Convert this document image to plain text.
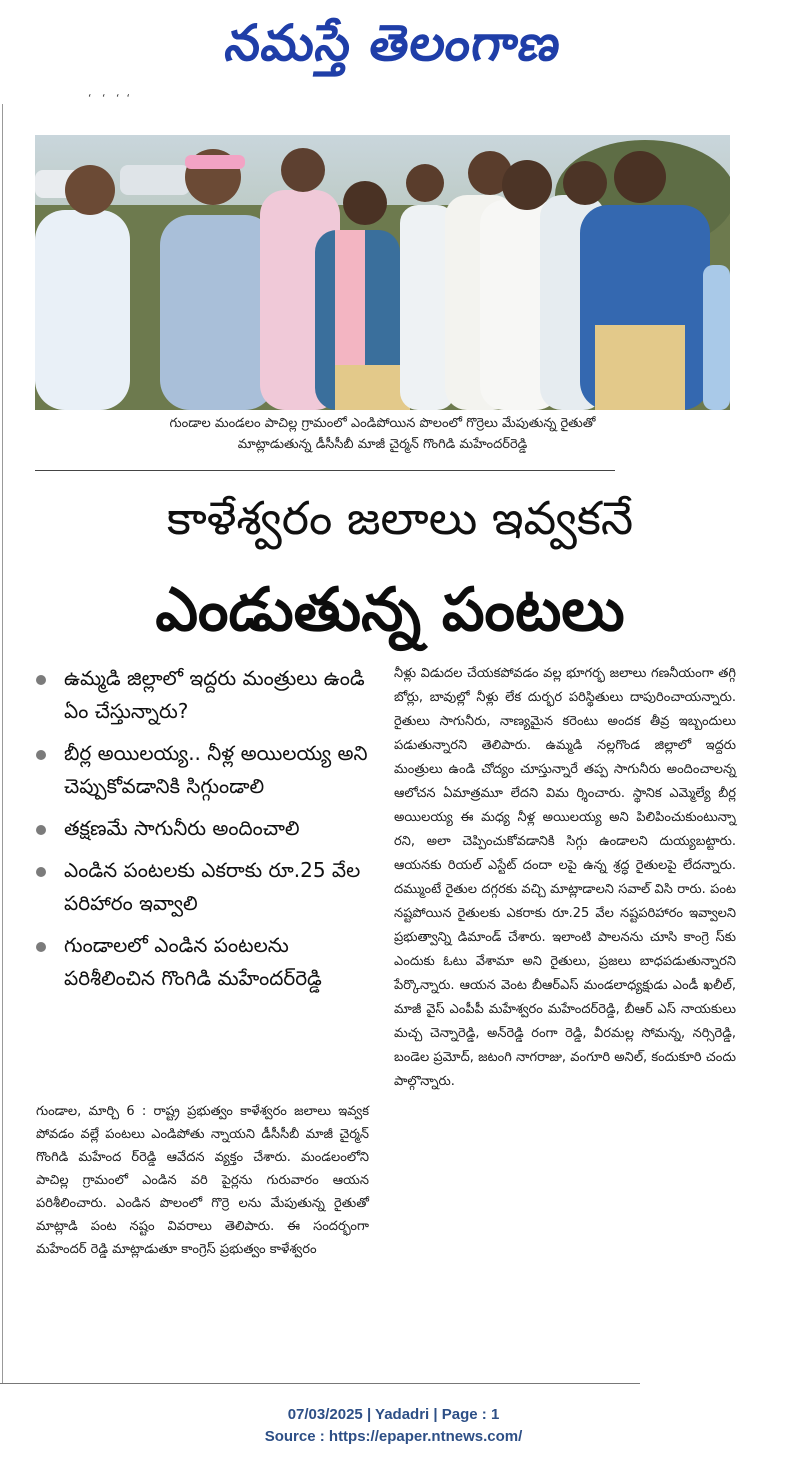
నమస్తే తెలంగాణ
‘   ‘   ‘  ‘
గుండాల మండలం పాచిల్ల గ్రామంలో ఎండిపోయిన పొలంలో గొర్రెలు మేపుతున్న రైతుతో
మాట్లాడుతున్న డీసీసీబీ మాజీ చైర్మన్ గొంగిడి మహేందర్‌రెడ్డి
కాళేశ్వరం జలాలు ఇవ్వకనే
ఎండుతున్న పంటలు
ఉమ్మడి జిల్లాలో ఇద్దరు మంత్రులు ఉండి ఏం చేస్తున్నారు?
బీర్ల అయిలయ్య.. నీళ్ల అయిలయ్య అని చెప్పుకోవడానికి సిగ్గుండాలి
తక్షణమే సాగునీరు అందించాలి
ఎండిన పంటలకు ఎకరాకు రూ.25 వేల పరిహారం ఇవ్వాలి
గుండాలలో ఎండిన పంటలను పరిశీలించిన గొంగిడి మహేందర్‌రెడ్డి
గుండాల, మార్చి 6 : రాష్ట్ర ప్రభుత్వం కాళేశ్వరం జలాలు ఇవ్వక పోవడం వల్లే పంటలు ఎండిపోతు న్నాయని డీసీసీబీ మాజీ చైర్మన్ గొంగిడి మహేంద ర్‌రెడ్డి ఆవేదన వ్యక్తం చేశారు. మండలంలోని పాచిల్ల గ్రామంలో ఎండిన వరి పైర్లను గురువారం ఆయన పరిశీలించారు. ఎండిన పొలంలో గొర్రె లను మేపుతున్న రైతుతో మాట్లాడి పంట నష్టం వివరాలు తెలిపారు. ఈ సందర్భంగా మహేందర్ రెడ్డి మాట్లాడుతూ కాంగ్రెస్ ప్రభుత్వం కాళేశ్వరం
నీళ్లు విడుదల చేయకపోవడం వల్ల భూగర్భ జలాలు గణనీయంగా తగ్గి బోర్లు, బావుల్లో నీళ్లు లేక దుర్భర పరిస్థితులు దాపురించాయన్నారు. రైతులు సాగునీరు, నాణ్యమైన కరెంటు అందక తీవ్ర ఇబ్బందులు పడుతున్నారని తెలిపారు. ఉమ్మడి నల్లగొండ జిల్లాలో ఇద్దరు మంత్రులు ఉండి చోద్యం చూస్తున్నారే తప్ప సాగునీరు అందించాలన్న ఆలోచన ఏమాత్రమూ లేదని విమ ర్శించారు. స్థానిక ఎమ్మెల్యే బీర్ల అయిలయ్య ఈ మధ్య నీళ్ల అయిలయ్య అని పిలిపించుకుంటున్నా రని, అలా చెప్పించుకోవడానికి సిగ్గు ఉండాలని దుయ్యబట్టారు. ఆయనకు రియల్ ఎస్టేట్ దందా లపై ఉన్న శ్రద్ధ రైతులపై లేదన్నారు. దమ్ముంటే రైతుల దగ్గరకు వచ్చి మాట్లాడాలని సవాల్ విసి రారు. పంట నష్టపోయిన రైతులకు ఎకరాకు రూ.25 వేల నష్టపరిహారం ఇవ్వాలని ప్రభుత్వాన్ని డిమాండ్ చేశారు. ఇలాంటి పాలనను చూసి కాంగ్రె స్‌కు ఎందుకు ఓటు వేశామా అని రైతులు, ప్రజలు బాధపడుతున్నారని పేర్కొన్నారు. ఆయన వెంట బీఆర్ఎస్ మండలాధ్యక్షుడు ఎండీ ఖలీల్, మాజీ వైస్ ఎంపీపీ మహేశ్వరం మహేందర్‌రెడ్డి, బీఆర్ ఎస్ నాయకులు మచ్చ చెన్నారెడ్డి, అన్‌రెడ్డి రంగా రెడ్డి, వీరమల్ల సోమన్న, నర్సిరెడ్డి, బండెల ప్రమోద్, జటంగి నాగరాజు, వంగూరి అనిల్, కందుకూరి చందు పాల్గొన్నారు.
07/03/2025 | Yadadri | Page : 1
Source : https://epaper.ntnews.com/
